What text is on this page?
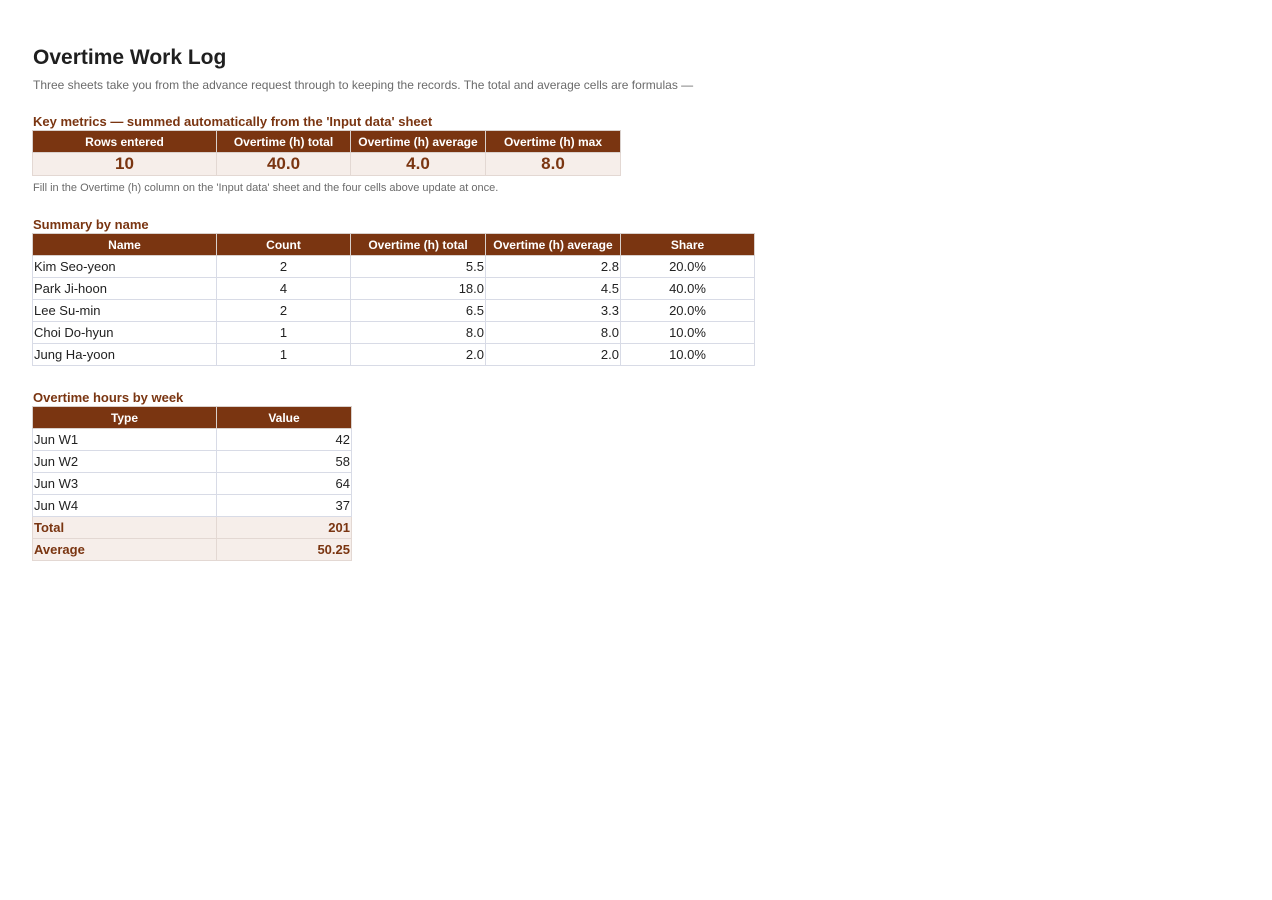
Overtime Work Log
Three sheets take you from the advance request through to keeping the records. The total and average cells are formulas —
Key metrics — summed automatically from the 'Input data' sheet
Rows entered	Overtime (h) total	Overtime (h) average	Overtime (h) max
10	40.0	4.0	8.0
Fill in the Overtime (h) column on the 'Input data' sheet and the four cells above update at once.
Summary by name
Name	Count	Overtime (h) total	Overtime (h) average	Share
Kim Seo-yeon	2	5.5	2.8	20.0%
Park Ji-hoon	4	18.0	4.5	40.0%
Lee Su-min	2	6.5	3.3	20.0%
Choi Do-hyun	1	8.0	8.0	10.0%
Jung Ha-yoon	1	2.0	2.0	10.0%
Overtime hours by week
Type	Value
Jun W1	42
Jun W2	58
Jun W3	64
Jun W4	37
Total	201
Average	50.25
